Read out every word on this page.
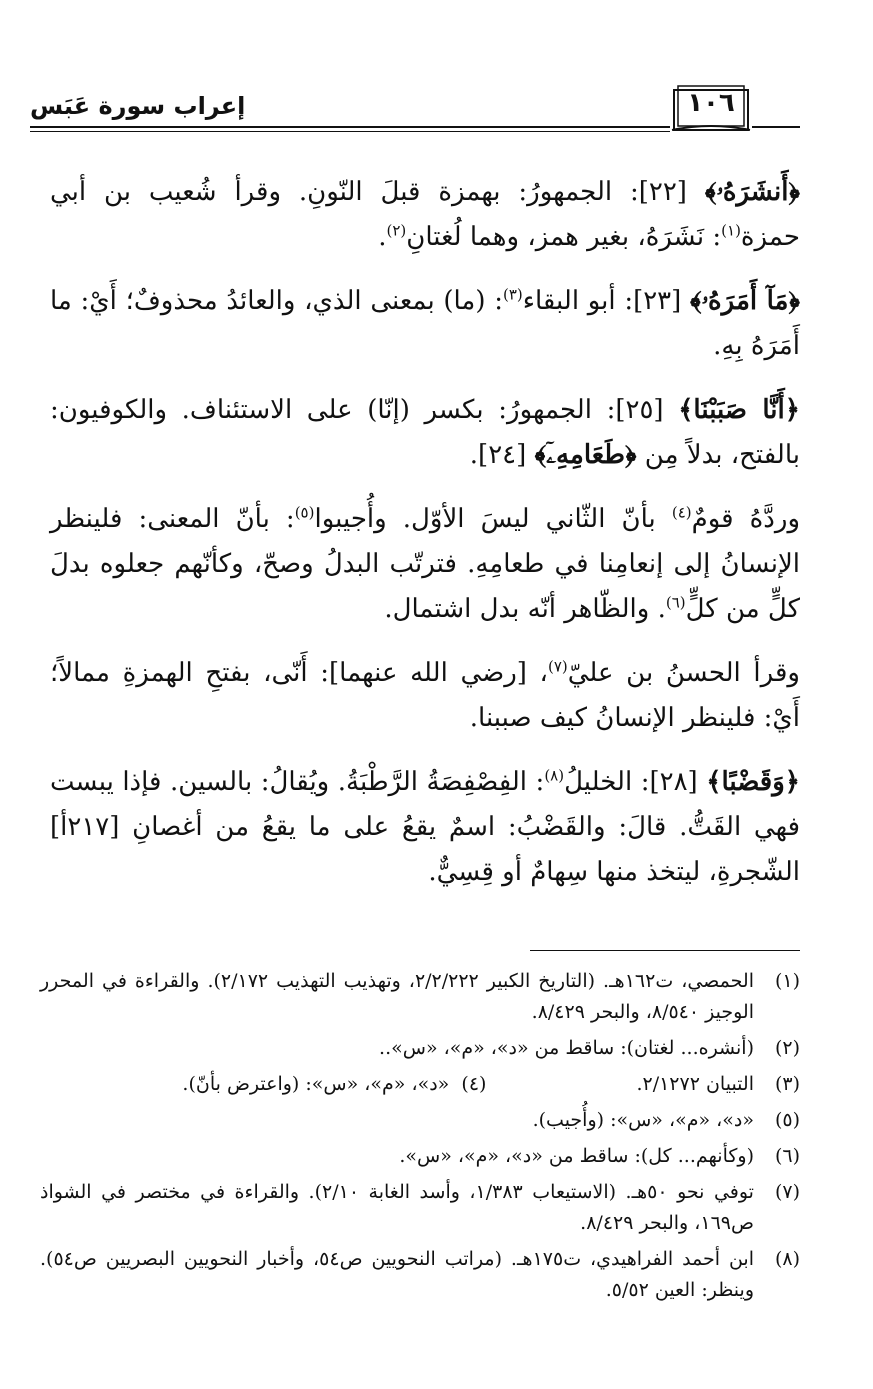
إعراب سورة عَبَس	١٠٦

﴿أَنشَرَهُۥ﴾ [٢٢]: الجمهورُ: بهمزة قبلَ النّونِ. وقرأ شُعيب بن أبي حمزة$^{(١)}$: نَشَرَهُ، بغير همز، وهما لُغتانِ$^{(٢)}$.

﴿مَآ أَمَرَهُۥ﴾ [٢٣]: أبو البقاء$^{(٣)}$: (ما) بمعنى الذي، والعائدُ محذوفٌ؛ أَيْ: ما أَمَرَهُ بِهِ.

﴿أَنَّا صَبَبْنَا﴾ [٢٥]: الجمهورُ: بكسر (إنّا) على الاستئناف. والكوفيون: بالفتح، بدلاً مِن ﴿طَعَامِهِۦٓ﴾ [٢٤].

وردَّهُ قومٌ$^{(٤)}$ بأنّ الثّاني ليسَ الأوّل. وأُجيبوا$^{(٥)}$: بأنّ المعنى: فلينظر الإنسانُ إلى إنعامِنا في طعامِهِ. فترتّب البدلُ وصحّ، وكأنّهم جعلوه بدلَ كلٍّ من كلٍّ$^{(٦)}$. والظّاهر أنّه بدل اشتمال.

وقرأ الحسنُ بن عليّ$^{(٧)}$، [رضي الله عنهما]: أَنّى، بفتحِ الهمزةِ ممالاً؛ أَيْ: فلينظر الإنسانُ كيف صببنا.

﴿وَقَضْبًا﴾ [٢٨]: الخليلُ$^{(٨)}$: الفِصْفِصَةُ الرَّطْبَةُ. ويُقالُ: بالسين. فإذا يبست فهي القَتُّ. قالَ: والقَضْبُ: اسمٌ يقعُ على ما يقعُ من أغصانِ [٢١٧أ] الشّجرةِ، ليتخذ منها سِهامٌ أو قِسِيٌّ.

(١)
الحمصي، ت١٦٢هـ. (التاريخ الكبير ٢/٢/٢٢٢، وتهذيب التهذيب ٢/١٧٢). والقراءة في المحرر الوجيز ٨/٥٤٠، والبحر ٨/٤٢٩.
(٢)
(أنشره... لغتان): ساقط من «د»، «م»، «س»..
(٣)
التبيان ٢/١٢٧٢.
(٤)  «د»، «م»، «س»: (واعترض بأنّ).
(٥)
«د»، «م»، «س»: (وأُجيب).
(٦)
(وكأنهم... كل): ساقط من «د»، «م»، «س».
(٧)
توفي نحو ٥٠هـ. (الاستيعاب ١/٣٨٣، وأسد الغابة ٢/١٠). والقراءة في مختصر في الشواذ ص١٦٩، والبحر ٨/٤٢٩.
(٨)
ابن أحمد الفراهيدي، ت١٧٥هـ. (مراتب النحويين ص٥٤، وأخبار النحويين البصريين ص٥٤). وينظر: العين ٥/٥٢.
